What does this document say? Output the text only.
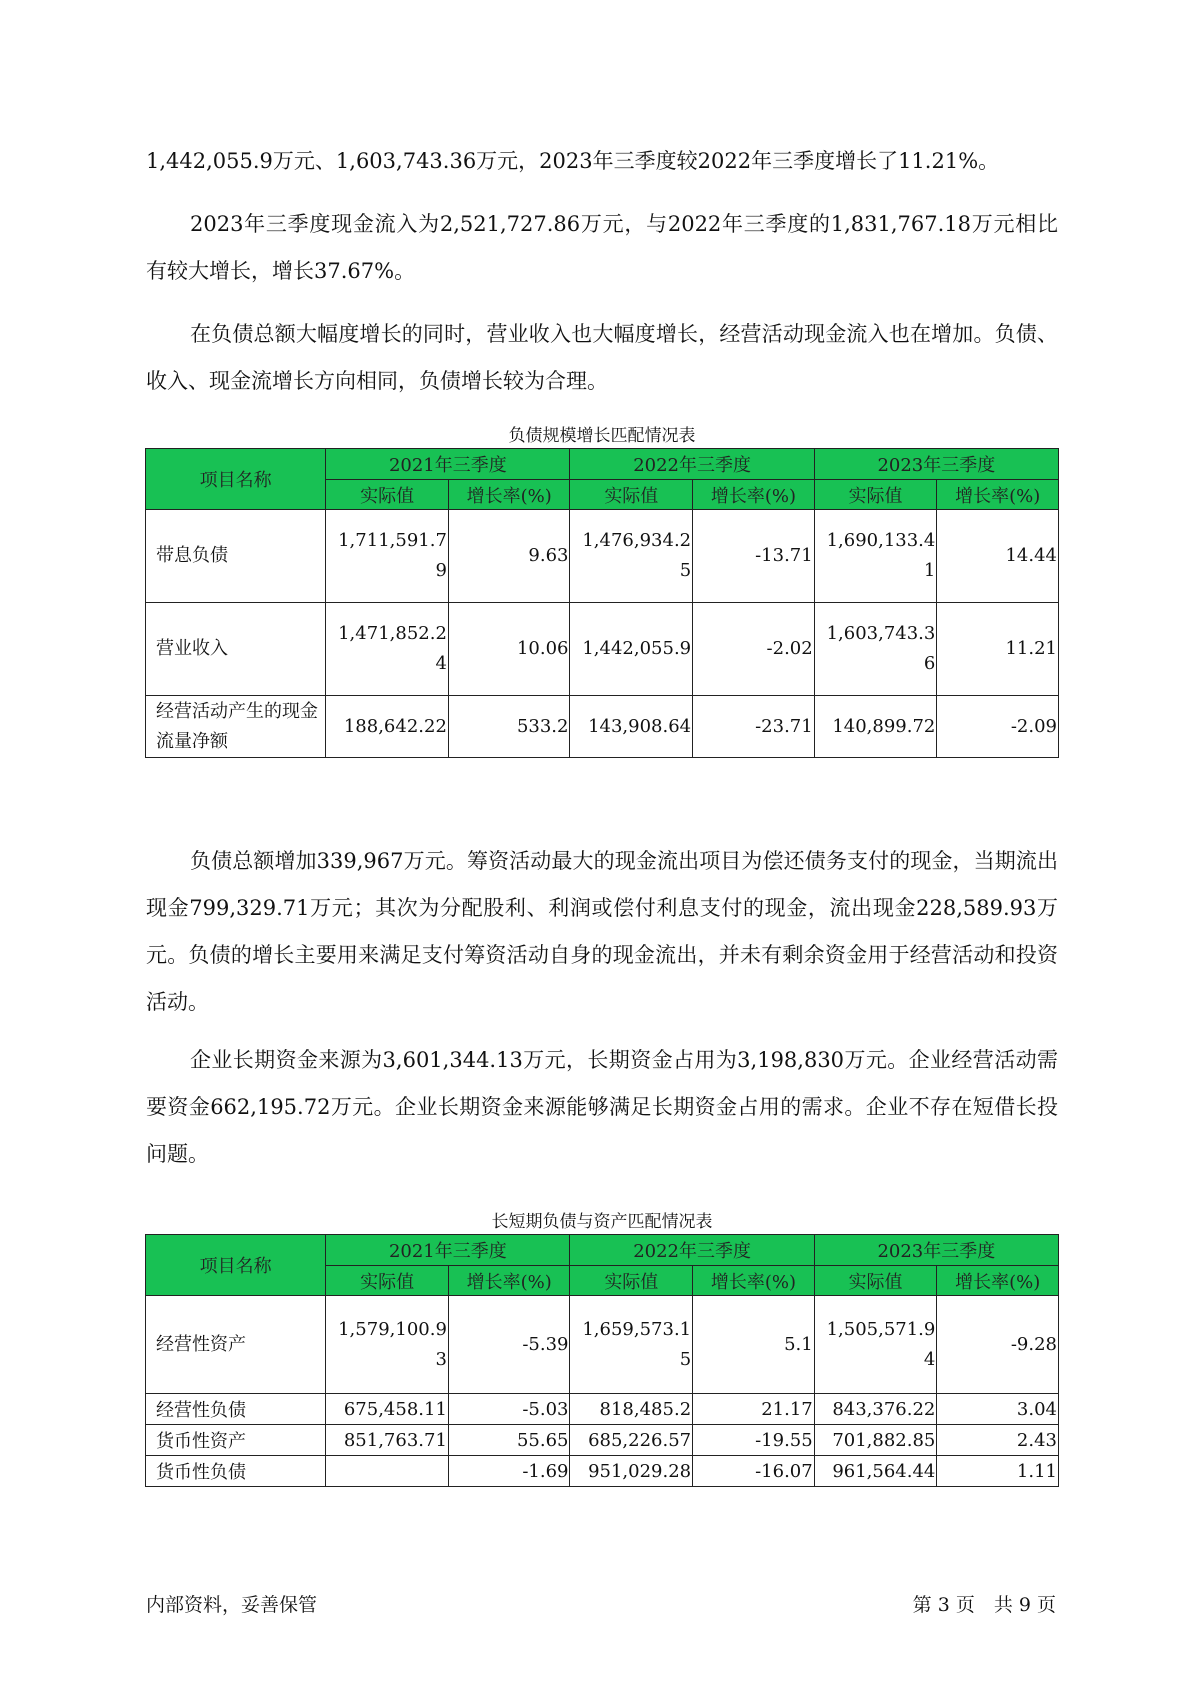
1,442,055.9万元、1,603,743.36万元，2023年三季度较2022年三季度增长了11.21%。

2023年三季度现金流入为2,521,727.86万元，与2022年三季度的1,831,767.18万元相比有较大增长，增长37.67%。

在负债总额大幅度增长的同时，营业收入也大幅度增长，经营活动现金流入也在增加。负债、收入、现金流增长方向相同，负债增长较为合理。

负债规模增长匹配情况表
项目名称	2021年三季度		2022年三季度		2023年三季度	
	实际值	增长率(%)	实际值	增长率(%)	实际值	增长率(%)
带息负债	1,711,591.79	9.63	1,476,934.25	-13.71	1,690,133.41	14.44
营业收入	1,471,852.24	10.06	1,442,055.9	-2.02	1,603,743.36	11.21
经营活动产生的现金流量净额	188,642.22	533.2	143,908.64	-23.71	140,899.72	-2.09

负债总额增加339,967万元。筹资活动最大的现金流出项目为偿还债务支付的现金，当期流出现金799,329.71万元；其次为分配股利、利润或偿付利息支付的现金，流出现金228,589.93万元。负债的增长主要用来满足支付筹资活动自身的现金流出，并未有剩余资金用于经营活动和投资活动。

企业长期资金来源为3,601,344.13万元，长期资金占用为3,198,830万元。企业经营活动需要资金662,195.72万元。企业长期资金来源能够满足长期资金占用的需求。企业不存在短借长投问题。

长短期负债与资产匹配情况表
项目名称	2021年三季度		2022年三季度		2023年三季度	
	实际值	增长率(%)	实际值	增长率(%)	实际值	增长率(%)
经营性资产	1,579,100.93	-5.39	1,659,573.15	5.1	1,505,571.94	-9.28
经营性负债	675,458.11	-5.03	818,485.2	21.17	843,376.22	3.04
货币性资产	851,763.71	55.65	685,226.57	-19.55	701,882.85	2.43
货币性负债		-1.69	951,029.28	-16.07	961,564.44	1.11
内部资料，妥善保管	第 3 页　共 9 页
